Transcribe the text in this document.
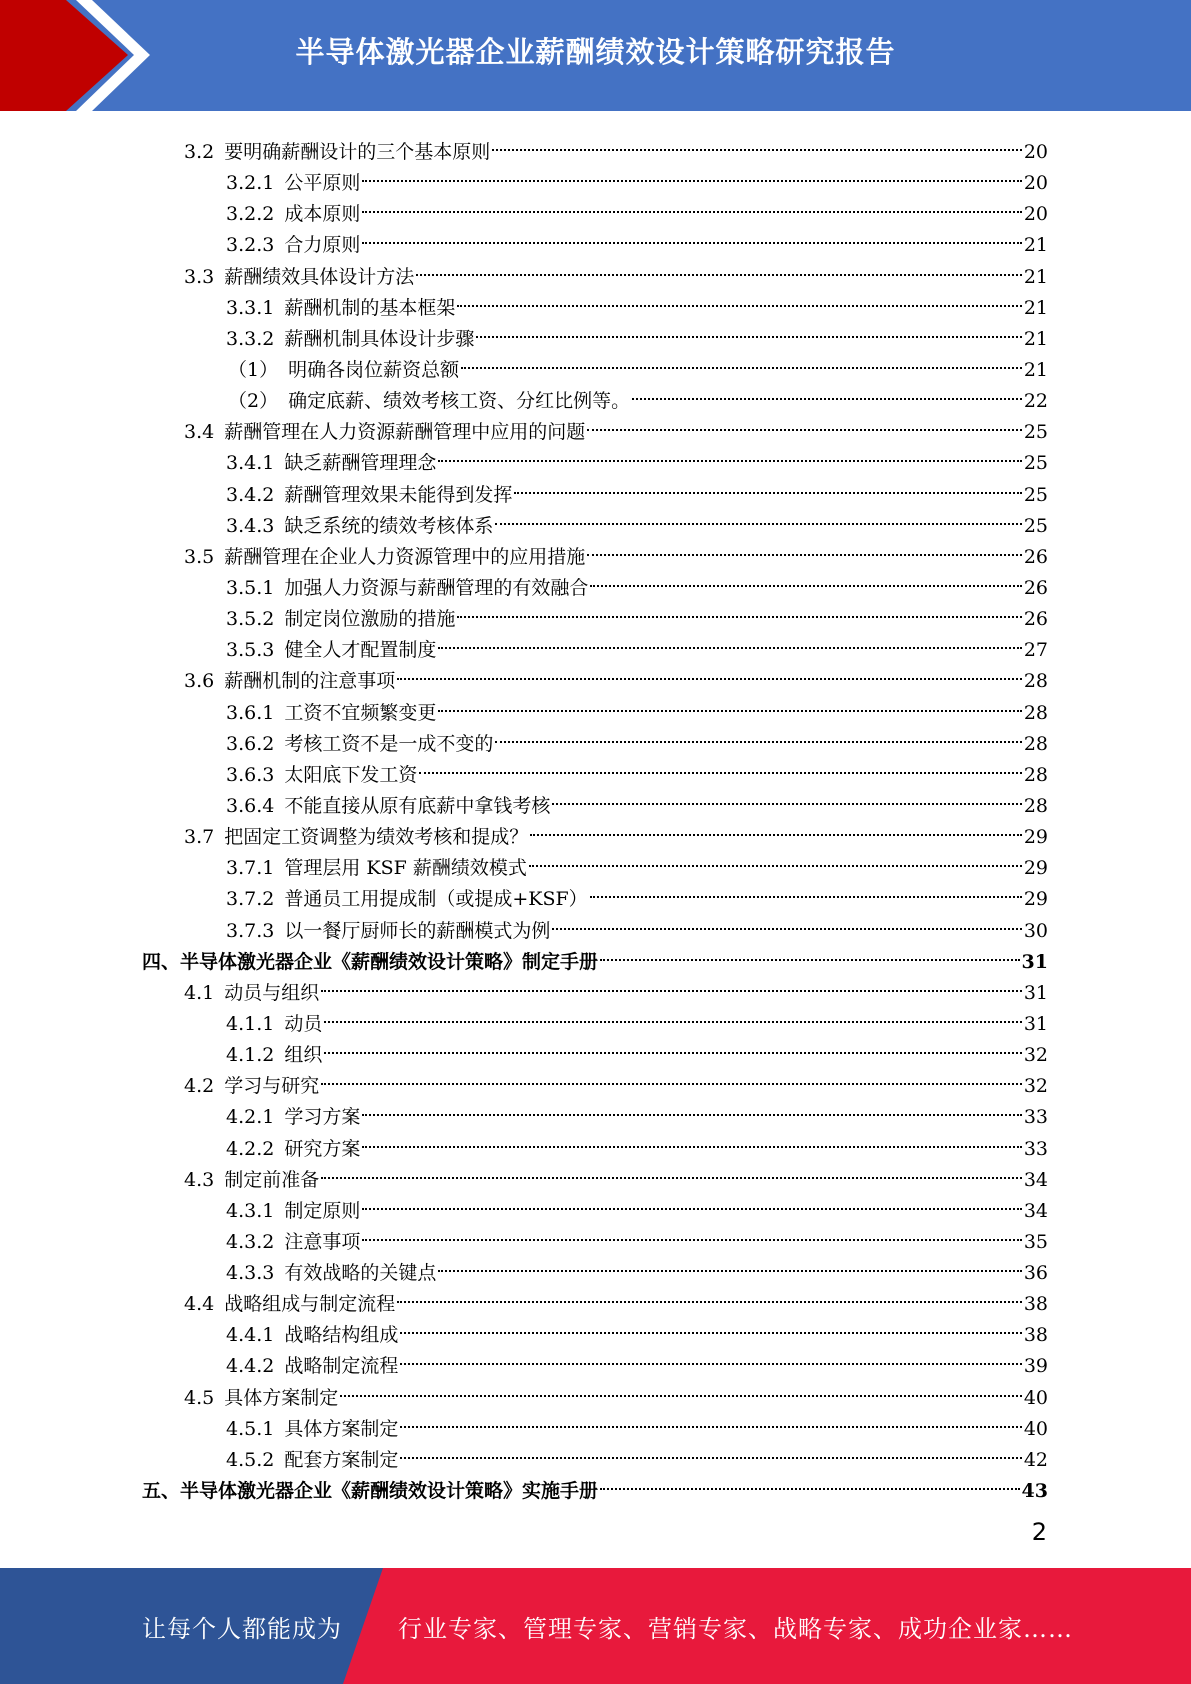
半导体激光器企业薪酬绩效设计策略研究报告
3.2 要明确薪酬设计的三个基本原则	20
3.2.1 公平原则	20
3.2.2 成本原则	20
3.2.3 合力原则	21
3.3 薪酬绩效具体设计方法	21
3.3.1 薪酬机制的基本框架	21
3.3.2 薪酬机制具体设计步骤	21
（1） 明确各岗位薪资总额	21
（2） 确定底薪、绩效考核工资、分红比例等。	22
3.4 薪酬管理在人力资源薪酬管理中应用的问题	25
3.4.1 缺乏薪酬管理理念	25
3.4.2 薪酬管理效果未能得到发挥	25
3.4.3 缺乏系统的绩效考核体系	25
3.5 薪酬管理在企业人力资源管理中的应用措施	26
3.5.1 加强人力资源与薪酬管理的有效融合	26
3.5.2 制定岗位激励的措施	26
3.5.3 健全人才配置制度	27
3.6 薪酬机制的注意事项	28
3.6.1 工资不宜频繁变更	28
3.6.2 考核工资不是一成不变的	28
3.6.3 太阳底下发工资	28
3.6.4 不能直接从原有底薪中拿钱考核	28
3.7 把固定工资调整为绩效考核和提成？	29
3.7.1 管理层用 KSF 薪酬绩效模式	29
3.7.2 普通员工用提成制（或提成+KSF）	29
3.7.3 以一餐厅厨师长的薪酬模式为例	30
四、半导体激光器企业《薪酬绩效设计策略》制定手册	31
4.1 动员与组织	31
4.1.1 动员	31
4.1.2 组织	32
4.2 学习与研究	32
4.2.1 学习方案	33
4.2.2 研究方案	33
4.3 制定前准备	34
4.3.1 制定原则	34
4.3.2 注意事项	35
4.3.3 有效战略的关键点	36
4.4 战略组成与制定流程	38
4.4.1 战略结构组成	38
4.4.2 战略制定流程	39
4.5 具体方案制定	40
4.5.1 具体方案制定	40
4.5.2 配套方案制定	42
五、半导体激光器企业《薪酬绩效设计策略》实施手册	43
2
让每个人都能成为 行业专家、管理专家、营销专家、战略专家、成功企业家……
